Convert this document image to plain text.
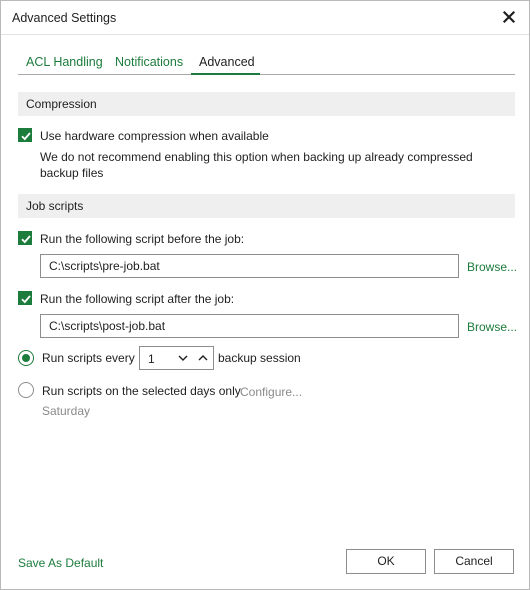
Advanced Settings
ACL Handling Notifications Advanced
Compression
Use hardware compression when available
We do not recommend enabling this option when backing up already compressed backup files
Job scripts
Run the following script before the job:
C:\scripts\pre-job.bat
Browse...
Run the following script after the job:
C:\scripts\post-job.bat
Browse...
Run scripts every 1	backup session
Run scripts on the selected days only Configure...
Saturday
Save As Default	OK	Cancel
